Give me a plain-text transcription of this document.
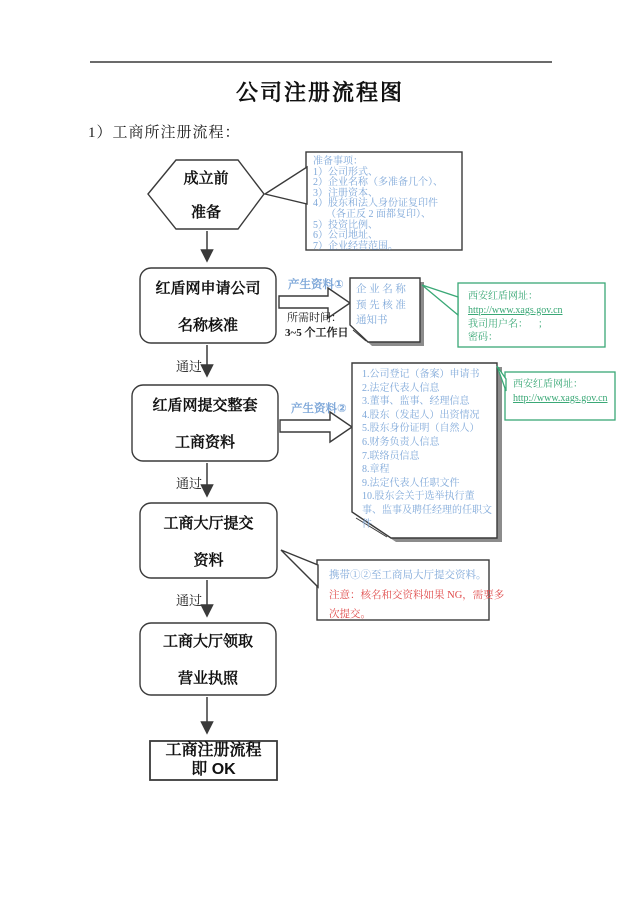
公司注册流程图
1）工商所注册流程：
成立前
准备
红盾网申请公司
名称核准
红盾网提交整套
工商资料
工商大厅提交
资料
工商大厅领取
营业执照
工商注册流程
即 OK
通过
通过
通过
产生资料①
所需时间：
3~5 个工作日
产生资料②
准备事项：
1）公司形式、
2）企业名称（多准备几个）、
3）注册资本、
4）股东和法人身份证复印件
（各正反 2 面都复印）、
5）投资比例、
6）公司地址、
7）企业经营范围。
企 业 名 称
预 先 核 准
通知书
1.公司登记（备案）申请书
2.法定代表人信息
3.董事、监事、经理信息
4.股东（发起人）出资情况
5.股东身份证明（自然人）
6.财务负责人信息
7.联络员信息
8.章程
9.法定代表人任职文件
10.股东会关于选举执行董事、监事及聘任经理的任职文件
西安红盾网址：
http://www.xags.gov.cn
我司用户名：    ；
密码：
西安红盾网址：
http://www.xags.gov.cn
携带①②至工商局大厅提交资料。
注意：核名和交资料如果 NG，需要多
次提交。
